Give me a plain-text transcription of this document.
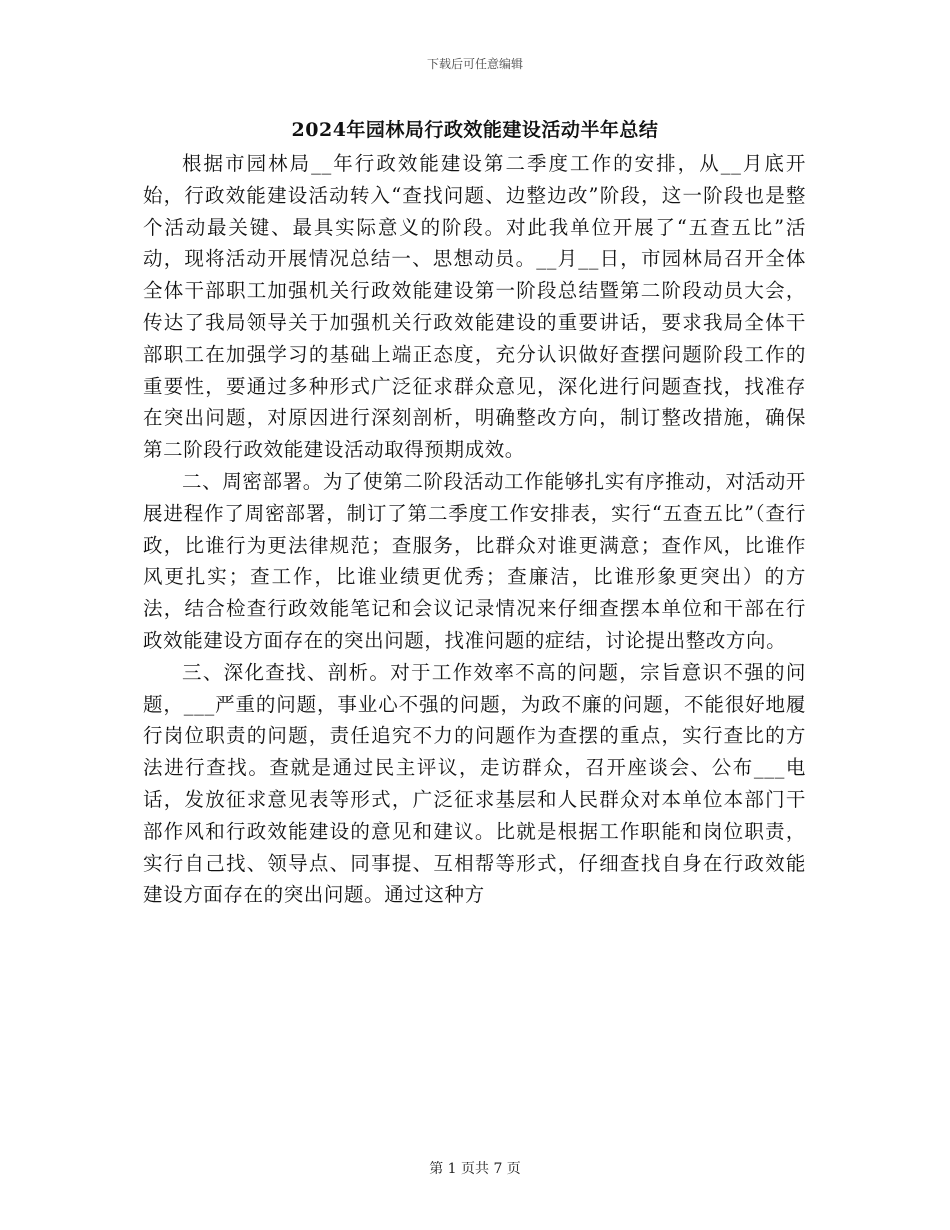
下载后可任意编辑
2024年园林局行政效能建设活动半年总结

根据市园林局__年行政效能建设第二季度工作的安排，从__月底开始，行政效能建设活动转入“查找问题、边整边改”阶段，这一阶段也是整个活动最关键、最具实际意义的阶段。对此我单位开展了“五查五比”活动，现将活动开展情况总结一、思想动员。__月__日，市园林局召开全体全体干部职工加强机关行政效能建设第一阶段总结暨第二阶段动员大会，传达了我局领导关于加强机关行政效能建设的重要讲话，要求我局全体干部职工在加强学习的基础上端正态度，充分认识做好查摆问题阶段工作的重要性，要通过多种形式广泛征求群众意见，深化进行问题查找，找准存在突出问题，对原因进行深刻剖析，明确整改方向，制订整改措施，确保第二阶段行政效能建设活动取得预期成效。

二、周密部署。为了使第二阶段活动工作能够扎实有序推动，对活动开展进程作了周密部署，制订了第二季度工作安排表，实行“五查五比”（查行政，比谁行为更法律规范；查服务，比群众对谁更满意；查作风，比谁作风更扎实；查工作，比谁业绩更优秀；查廉洁，比谁形象更突出）的方法，结合检查行政效能笔记和会议记录情况来仔细查摆本单位和干部在行政效能建设方面存在的突出问题，找准问题的症结，讨论提出整改方向。

三、深化查找、剖析。对于工作效率不高的问题，宗旨意识不强的问题，___严重的问题，事业心不强的问题，为政不廉的问题，不能很好地履行岗位职责的问题，责任追究不力的问题作为查摆的重点，实行查比的方法进行查找。查就是通过民主评议，走访群众，召开座谈会、公布___电话，发放征求意见表等形式，广泛征求基层和人民群众对本单位本部门干部作风和行政效能建设的意见和建议。比就是根据工作职能和岗位职责，实行自己找、领导点、同事提、互相帮等形式，仔细查找自身在行政效能建设方面存在的突出问题。通过这种方

第 1 页共 7 页
